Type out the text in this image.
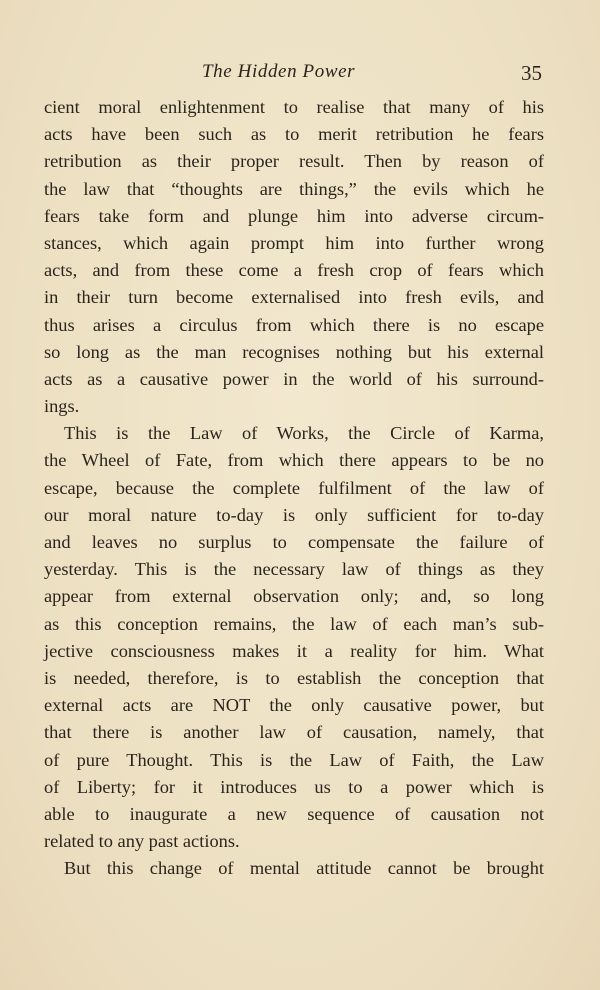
The Hidden Power	35
cient moral enlightenment to realise that many of his
acts have been such as to merit retribution he fears
retribution as their proper result. Then by reason of
the law that “thoughts are things,” the evils which he
fears take form and plunge him into adverse circum-
stances, which again prompt him into further wrong
acts, and from these come a fresh crop of fears which
in their turn become externalised into fresh evils, and
thus arises a circulus from which there is no escape
so long as the man recognises nothing but his external
acts as a causative power in the world of his surround-
ings.
This is the Law of Works, the Circle of Karma,
the Wheel of Fate, from which there appears to be no
escape, because the complete fulfilment of the law of
our moral nature to-day is only sufficient for to-day
and leaves no surplus to compensate the failure of
yesterday. This is the necessary law of things as they
appear from external observation only; and, so long
as this conception remains, the law of each man’s sub-
jective consciousness makes it a reality for him. What
is needed, therefore, is to establish the conception that
external acts are NOT the only causative power, but
that there is another law of causation, namely, that
of pure Thought. This is the Law of Faith, the Law
of Liberty; for it introduces us to a power which is
able to inaugurate a new sequence of causation not
related to any past actions.
But this change of mental attitude cannot be brought
